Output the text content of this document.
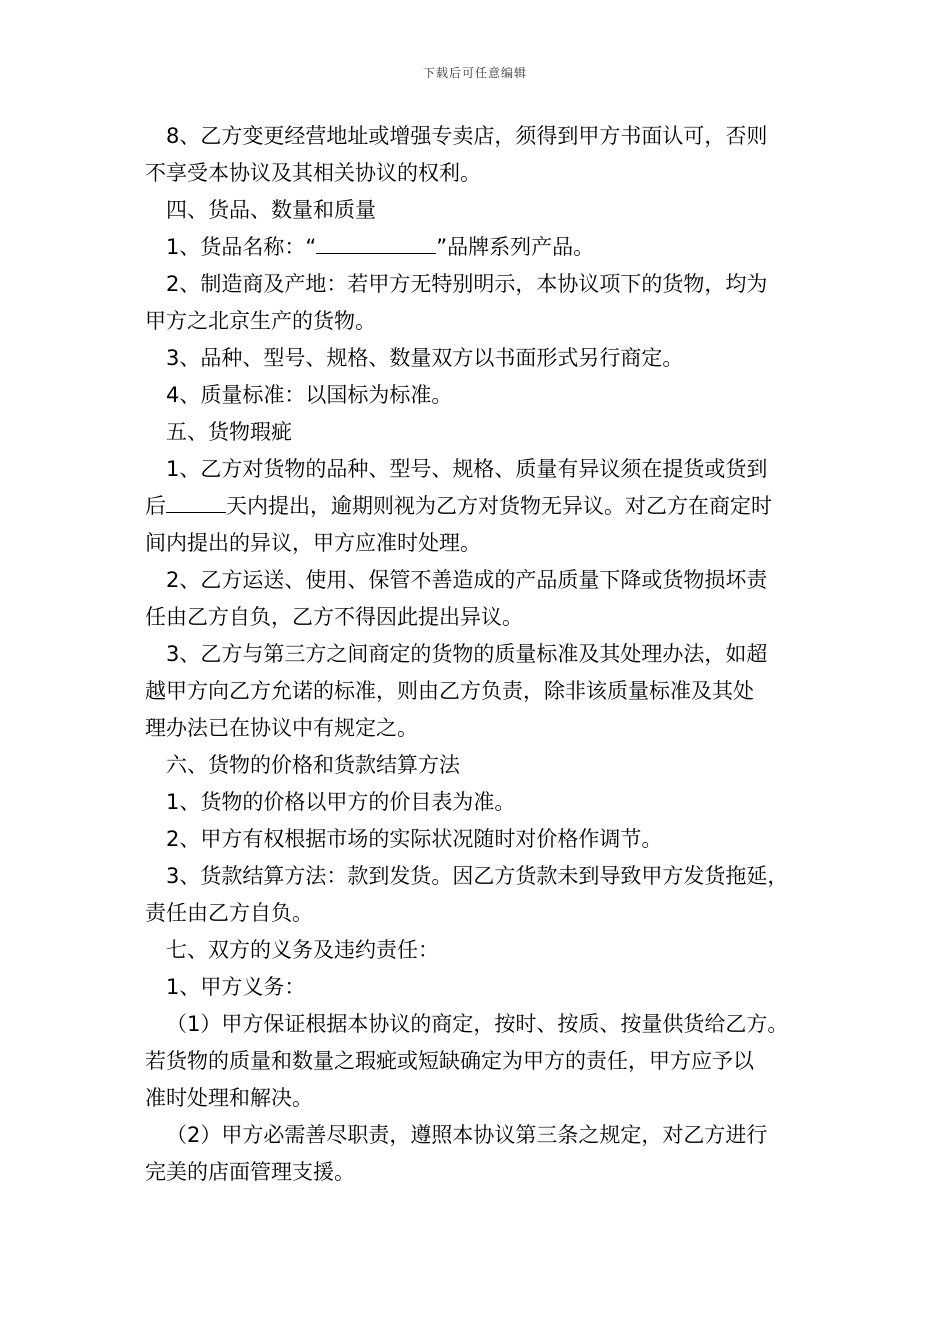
下载后可任意编辑
8、乙方变更经营地址或增强专卖店，须得到甲方书面认可，否则
不享受本协议及其相关协议的权利。
四、货品、数量和质量
1、货品名称：“	”品牌系列产品。
2、制造商及产地：若甲方无特别明示，本协议项下的货物，均为
甲方之北京生产的货物。
3、品种、型号、规格、数量双方以书面形式另行商定。
4、质量标准：以国标为标准。
五、货物瑕疵
1、乙方对货物的品种、型号、规格、质量有异议须在提货或货到
后	天内提出，逾期则视为乙方对货物无异议。对乙方在商定时
间内提出的异议，甲方应准时处理。
2、乙方运送、使用、保管不善造成的产品质量下降或货物损坏责
任由乙方自负，乙方不得因此提出异议。
3、乙方与第三方之间商定的货物的质量标准及其处理办法，如超
越甲方向乙方允诺的标准，则由乙方负责，除非该质量标准及其处
理办法已在协议中有规定之。
六、货物的价格和货款结算方法
1、货物的价格以甲方的价目表为准。
2、甲方有权根据市场的实际状况随时对价格作调节。
3、货款结算方法：款到发货。因乙方货款未到导致甲方发货拖延，
责任由乙方自负。
七、双方的义务及违约责任：
1、甲方义务：
（1）甲方保证根据本协议的商定，按时、按质、按量供货给乙方。
若货物的质量和数量之瑕疵或短缺确定为甲方的责任，甲方应予以
准时处理和解决。
（2）甲方必需善尽职责，遵照本协议第三条之规定，对乙方进行
完美的店面管理支援。
